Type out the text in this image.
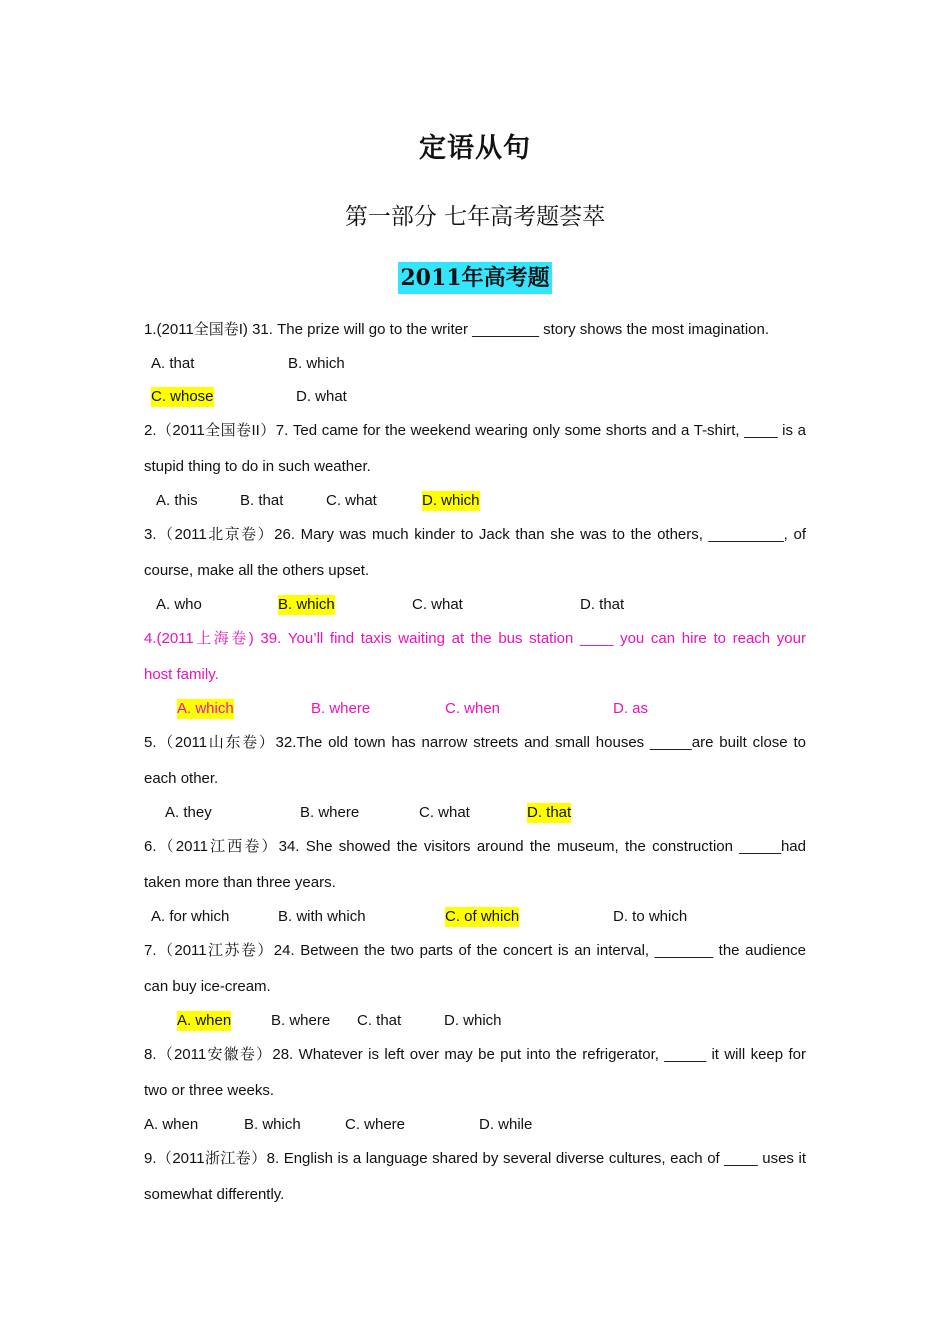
定语从句
第一部分 七年高考题荟萃
2011年高考题
1.(2011全国卷I) 31. The prize will go to the writer ________ story shows the most imagination.
A. that	B. which
C. whose	D. what
2.（2011全国卷II）7. Ted came for the weekend wearing only some shorts and a T-shirt, ____ is a
stupid thing to do in such weather.
A. this	B. that	C. what	D. which
3.（2011北京卷）26. Mary was much kinder to Jack than she was to the others, _________, of
course, make all the others upset.
A. who	B. which	C. what	D. that
4.(2011上海卷) 39. You’ll find taxis waiting at the bus station ____ you can hire to reach your
host family.
A. which	B. where	C. when	D. as
5.（2011山东卷）32.The old town has narrow streets and small houses _____are built close to
each other.
A. they	B. where	C. what	D. that
6.（2011江西卷）34. She showed the visitors around the museum, the construction _____had
taken more than three years.
A. for which	B. with which	C. of which	D. to which
7.（2011江苏卷）24. Between the two parts of the concert is an interval, _______ the audience
can buy ice-cream.
A. when	B. where C. that	D. which
8.（2011安徽卷）28. Whatever is left over may be put into the refrigerator, _____ it will keep for
two or three weeks.
A. when	B. which	C. where	D. while
9.（2011浙江卷）8. English is a language shared by several diverse cultures, each of ____ uses it
somewhat differently.
